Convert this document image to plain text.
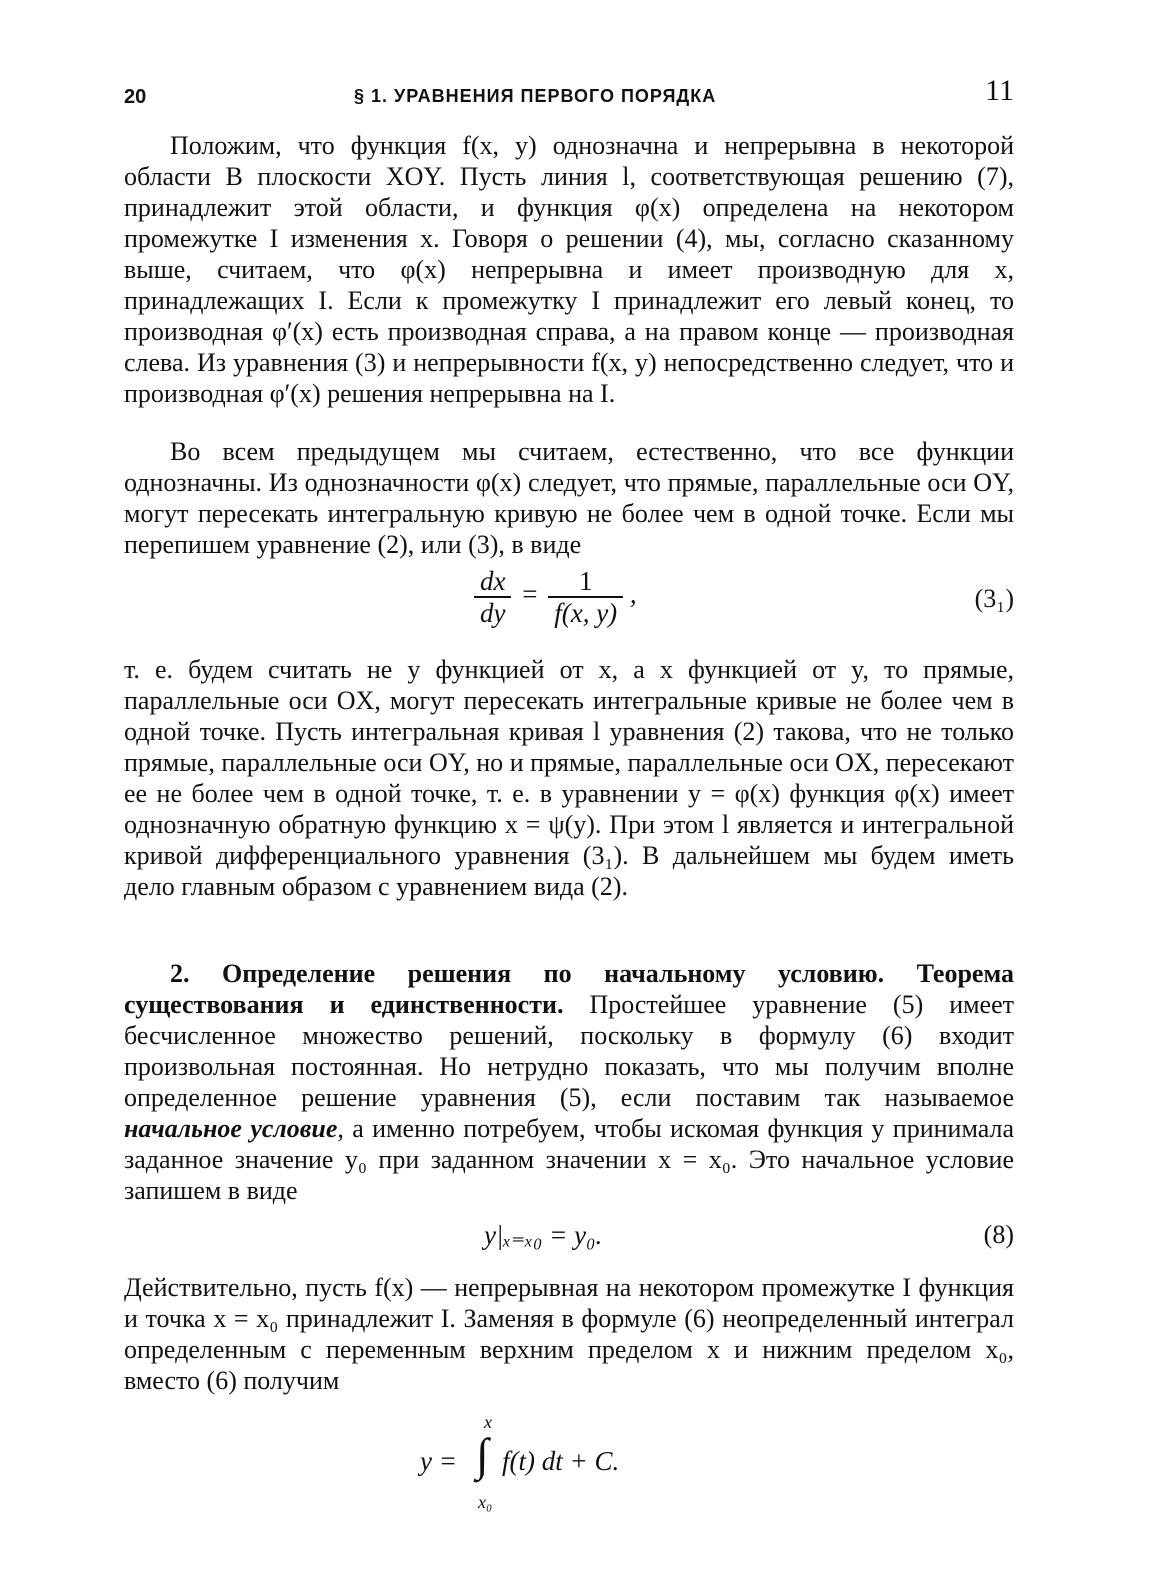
20	§ 1. УРАВНЕНИЯ ПЕРВОГО ПОРЯДКА	11

Положим, что функция f(x, y) однозначна и непрерывна в некоторой области B плоскости XOY. Пусть линия l, соответствующая решению (7), принадлежит этой области, и функция φ(x) определена на некотором промежутке I изменения x. Говоря о решении (4), мы, согласно сказанному выше, считаем, что φ(x) непрерывна и имеет производную для x, принадлежащих I. Если к промежутку I принадлежит его левый конец, то производная φ′(x) есть производная справа, а на правом конце — производная слева. Из уравнения (3) и непрерывности f(x, y) непосредственно следует, что и производная φ′(x) решения непрерывна на I.

Во всем предыдущем мы считаем, естественно, что все функции однозначны. Из однозначности φ(x) следует, что прямые, параллельные оси OY, могут пересекать интегральную кривую не более чем в одной точке. Если мы перепишем уравнение (2), или (3), в виде

$\frac{dx}{dy} = \frac{1}{f(x, y)}$ ,	(3₁)

т. е. будем считать не y функцией от x, а x функцией от y, то прямые, параллельные оси OX, могут пересекать интегральные кривые не более чем в одной точке. Пусть интегральная кривая l уравнения (2) такова, что не только прямые, параллельные оси OY, но и прямые, параллельные оси OX, пересекают ее не более чем в одной точке, т. е. в уравнении y = φ(x) функция φ(x) имеет однозначную обратную функцию x = ψ(y). При этом l является и интегральной кривой дифференциального уравнения (3₁). В дальнейшем мы будем иметь дело главным образом с уравнением вида (2).

2. Определение решения по начальному условию. Теорема существования и единственности. Простейшее уравнение (5) имеет бесчисленное множество решений, поскольку в формулу (6) входит произвольная постоянная. Но нетрудно показать, что мы получим вполне определенное решение уравнения (5), если поставим так называемое начальное условие, а именно потребуем, чтобы искомая функция y принимала заданное значение y₀ при заданном значении x = x₀. Это начальное условие запишем в виде

y|ₓ₌ₓ₀ = y₀.	(8)

Действительно, пусть f(x) — непрерывная на некотором промежутке I функция и точка x = x₀ принадлежит I. Заменяя в формуле (6) неопределенный интеграл определенным с переменным верхним пределом x и нижним пределом x₀, вместо (6) получим

y =
x
∫
x₀
f(t) dt + C.
